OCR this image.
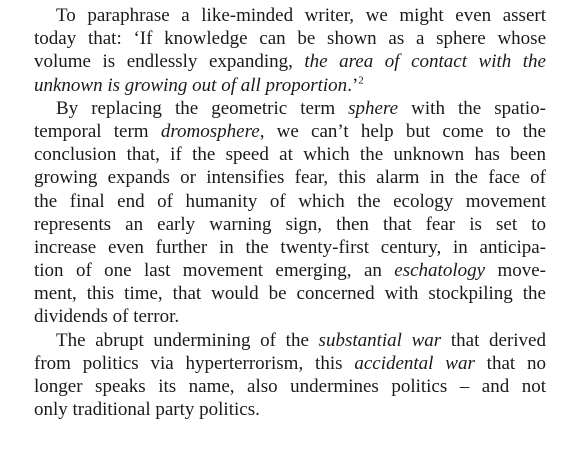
To paraphrase a like-minded writer, we might even assert
today that: ‘If knowledge can be shown as a sphere whose
volume is endlessly expanding, the area of contact with the
unknown is growing out of all proportion.’$^2$
By replacing the geometric term sphere with the spatio-
temporal term dromosphere, we can’t help but come to the
conclusion that, if the speed at which the unknown has been
growing expands or intensifies fear, this alarm in the face of
the final end of humanity of which the ecology movement
represents an early warning sign, then that fear is set to
increase even further in the twenty-first century, in anticipa-
tion of one last movement emerging, an eschatology move-
ment, this time, that would be concerned with stockpiling the
dividends of terror.
The abrupt undermining of the substantial war that derived
from politics via hyperterrorism, this accidental war that no
longer speaks its name, also undermines politics – and not
only traditional party politics.
